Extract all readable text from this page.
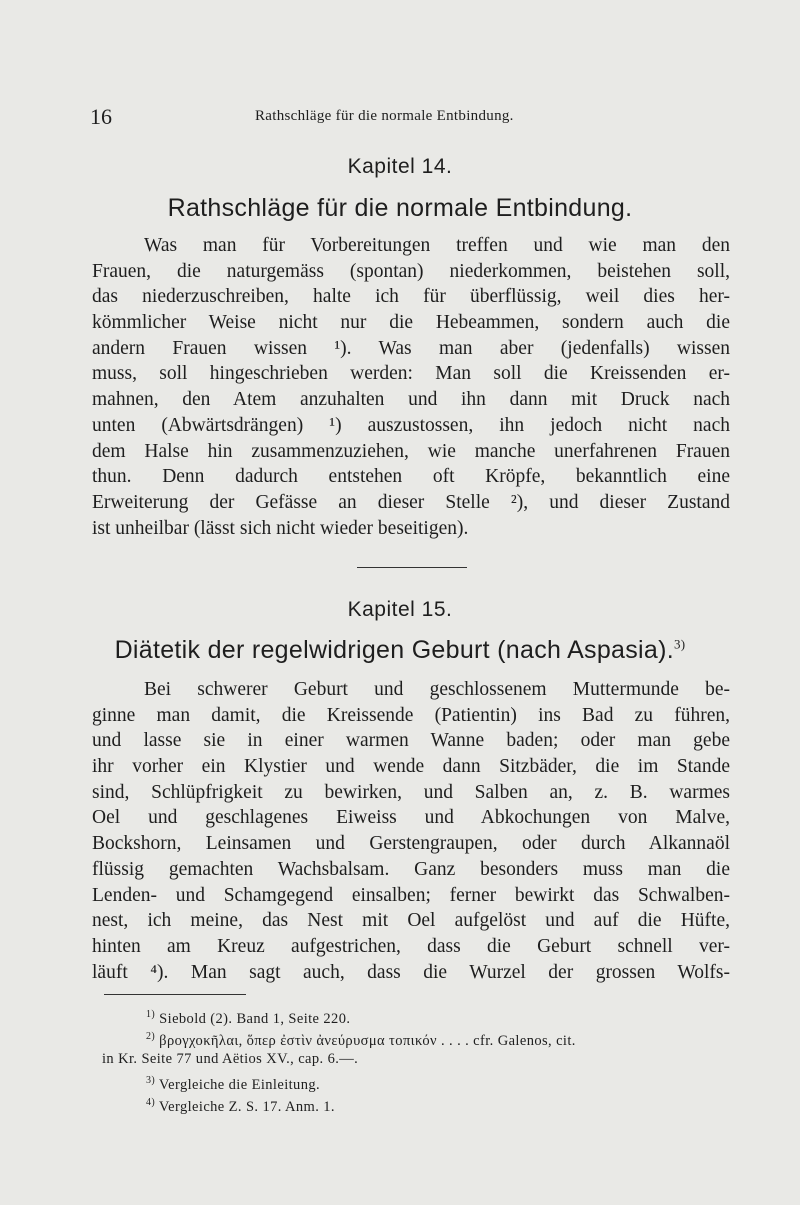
16	Rathschläge für die normale Entbindung.
Kapitel 14.
Rathschläge für die normale Entbindung.
Was man für Vorbereitungen treffen und wie man den
Frauen, die naturgemäss (spontan) niederkommen, beistehen soll,
das niederzuschreiben, halte ich für überflüssig, weil dies her-
kömmlicher Weise nicht nur die Hebeammen, sondern auch die
andern Frauen wissen ¹). Was man aber (jedenfalls) wissen
muss, soll hingeschrieben werden: Man soll die Kreissenden er-
mahnen, den Atem anzuhalten und ihn dann mit Druck nach
unten (Abwärtsdrängen) ¹) auszustossen, ihn jedoch nicht nach
dem Halse hin zusammenzuziehen, wie manche unerfahrenen Frauen
thun. Denn dadurch entstehen oft Kröpfe, bekanntlich eine
Erweiterung der Gefässe an dieser Stelle ²), und dieser Zustand
ist unheilbar (lässt sich nicht wieder beseitigen).
Kapitel 15.
Diätetik der regelwidrigen Geburt (nach Aspasia).$^{3)}$
Bei schwerer Geburt und geschlossenem Muttermunde be-
ginne man damit, die Kreissende (Patientin) ins Bad zu führen,
und lasse sie in einer warmen Wanne baden; oder man gebe
ihr vorher ein Klystier und wende dann Sitzbäder, die im Stande
sind, Schlüpfrigkeit zu bewirken, und Salben an, z. B. warmes
Oel und geschlagenes Eiweiss und Abkochungen von Malve,
Bockshorn, Leinsamen und Gerstengraupen, oder durch Alkannaöl
flüssig gemachten Wachsbalsam. Ganz besonders muss man die
Lenden- und Schamgegend einsalben; ferner bewirkt das Schwalben-
nest, ich meine, das Nest mit Oel aufgelöst und auf die Hüfte,
hinten am Kreuz aufgestrichen, dass die Geburt schnell ver-
läuft ⁴). Man sagt auch, dass die Wurzel der grossen Wolfs-
$^{1)}$ Siebold (2). Band 1, Seite 220.
$^{2)}$ βρογχοκῆλαι, ὅπερ ἐστὶν ἀνεύρυσμα τοπικόν . . . . cfr. Galenos, cit.
in Kr. Seite 77 und Aëtios XV., cap. 6.—.
$^{3)}$ Vergleiche die Einleitung.
$^{4)}$ Vergleiche Z. S. 17. Anm. 1.
